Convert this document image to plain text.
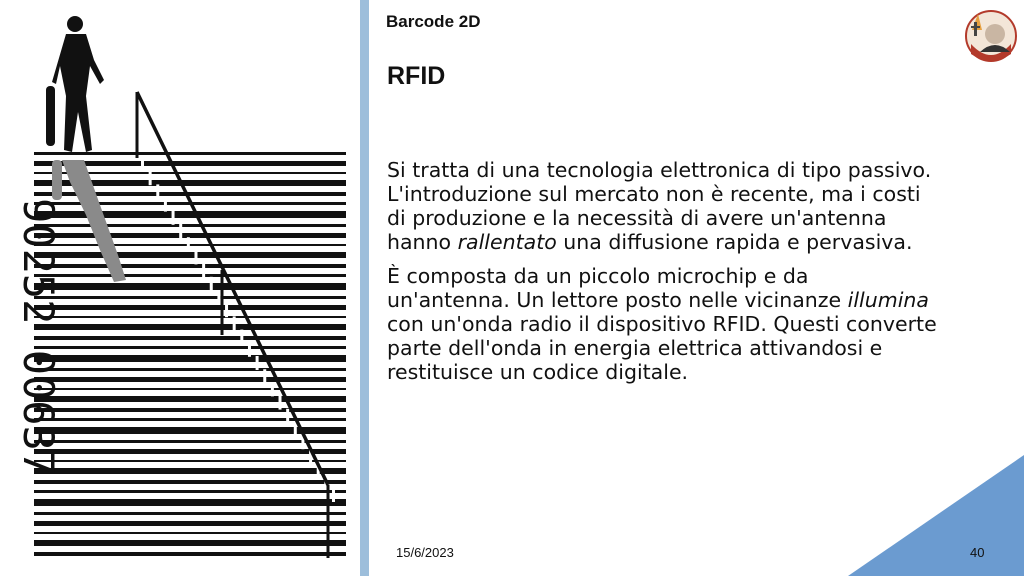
90252 00637
Barcode 2D
RFID

Si tratta di una tecnologia elettronica di tipo passivo.
L'introduzione sul mercato non è recente, ma i costi
di produzione e la necessità di avere un'antenna
hanno rallentato una diffusione rapida e pervasiva.

È composta da un piccolo microchip e da
un'antenna. Un lettore posto nelle vicinanze illumina
con un'onda radio il dispositivo RFID. Questi converte
parte dell'onda in energia elettrica attivandosi e
restituisce un codice digitale.

15/6/2023	40
